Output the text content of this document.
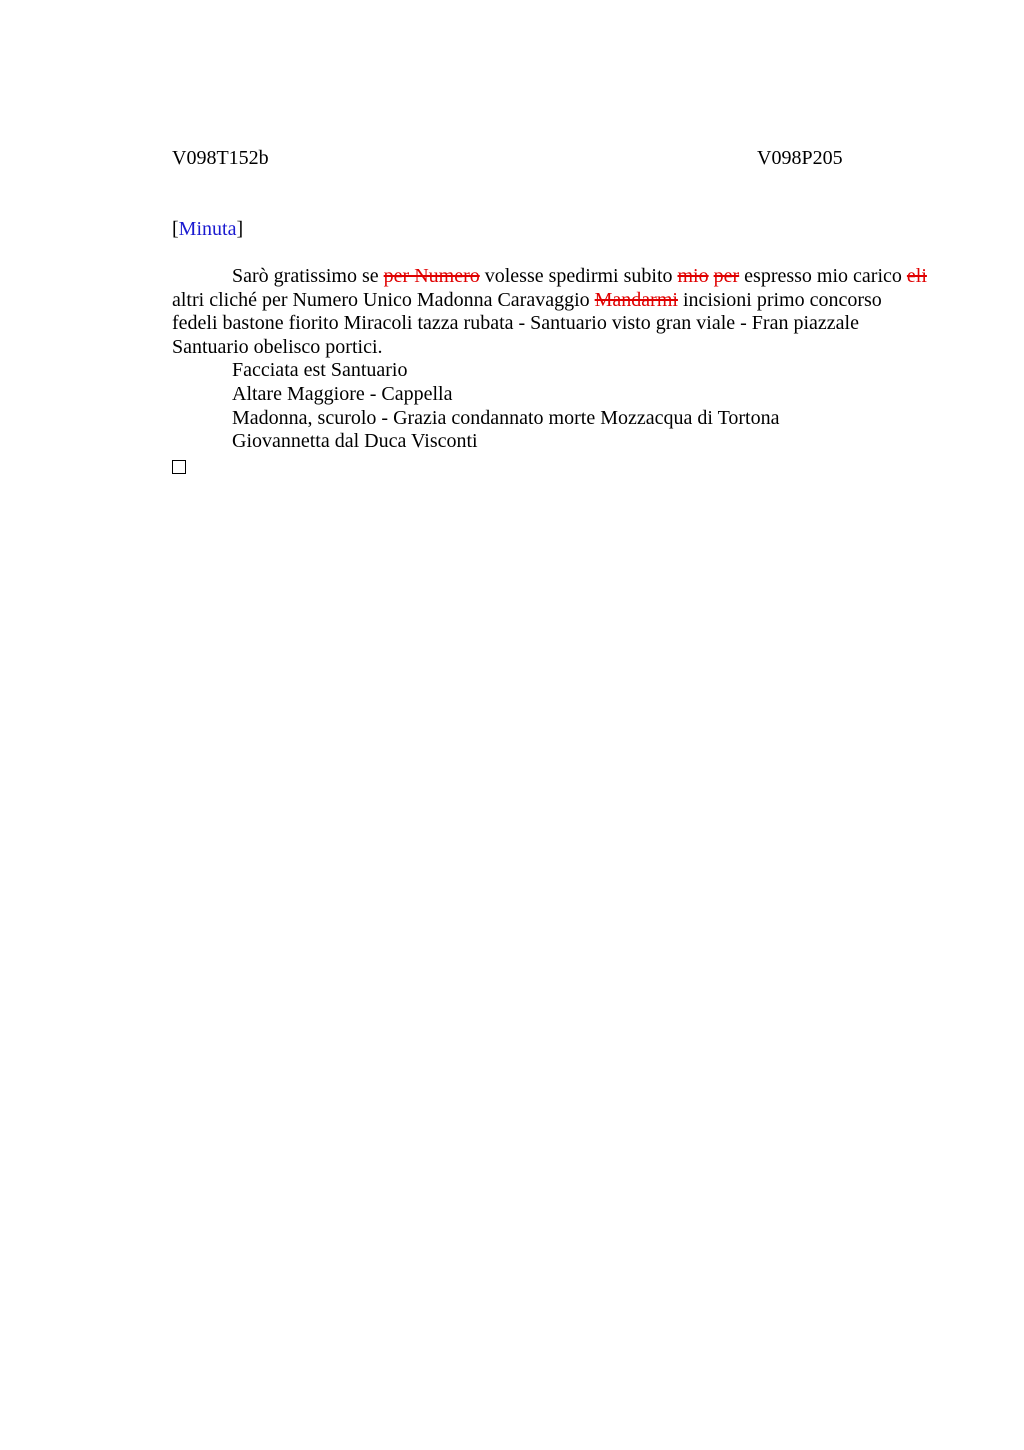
V098T152b	V098P205
[Minuta]

Sarò gratissimo se per Numero volesse spedirmi subito mio per espresso mio carico eli altri cliché per Numero Unico Madonna Caravaggio Mandarmi incisioni primo concorso fedeli bastone fiorito Miracoli tazza rubata - Santuario visto gran viale - Fran piazzale Santuario obelisco portici.

Facciata est Santuario

Altare Maggiore - Cappella

Madonna, scurolo - Grazia condannato morte Mozzacqua di Tortona

Giovannetta dal Duca Visconti
